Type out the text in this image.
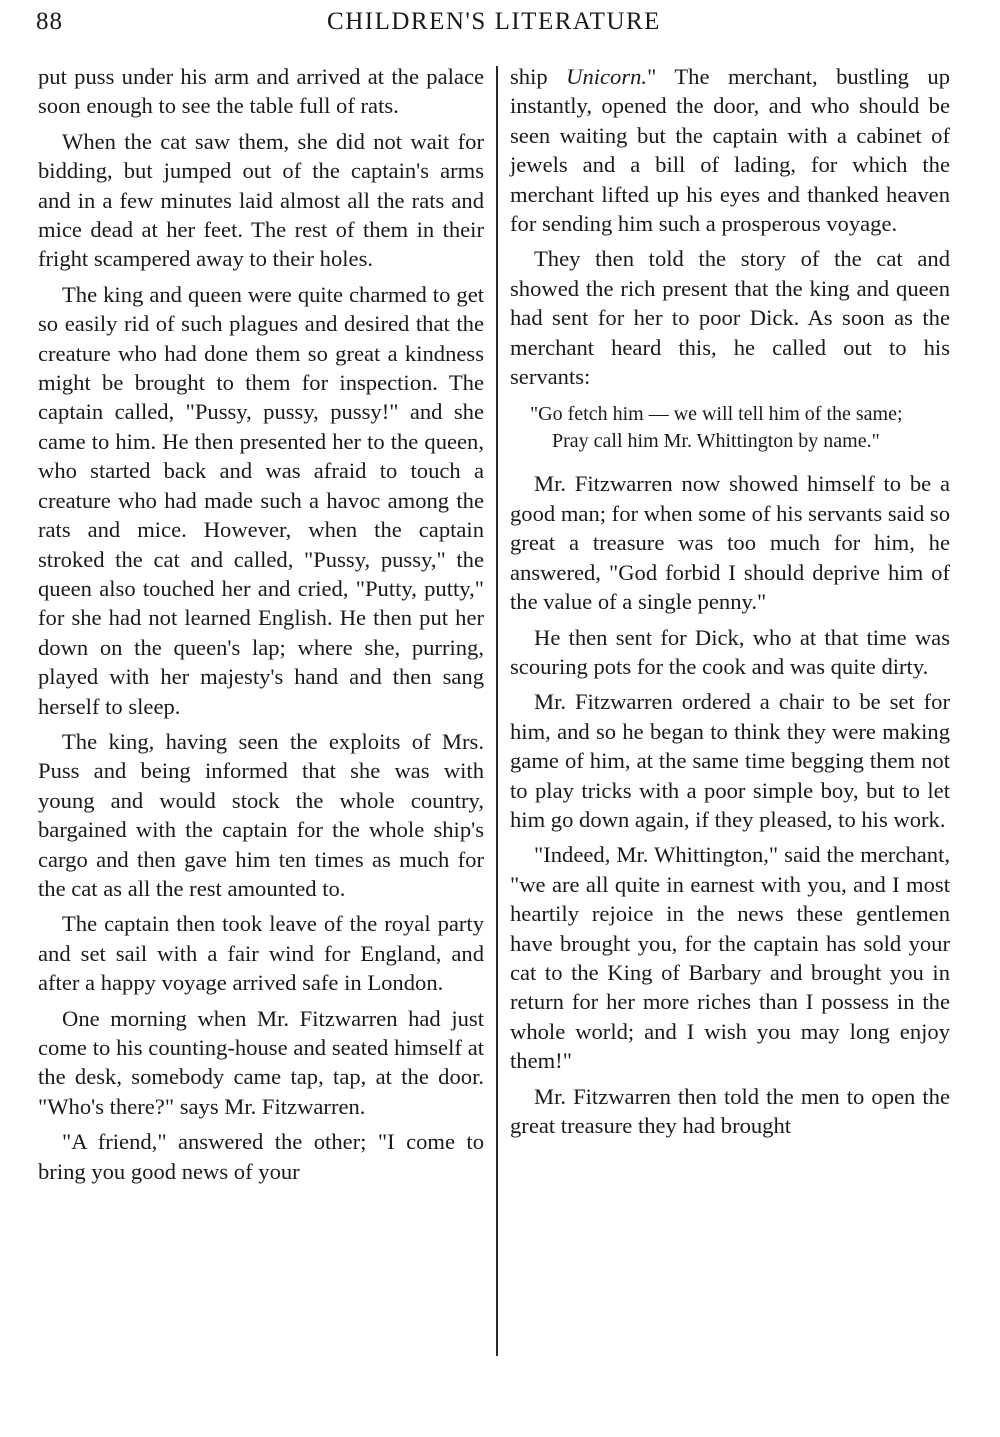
88	CHILDREN'S LITERATURE

put puss under his arm and arrived at the palace soon enough to see the table full of rats.

When the cat saw them, she did not wait for bidding, but jumped out of the captain's arms and in a few minutes laid almost all the rats and mice dead at her feet. The rest of them in their fright scampered away to their holes.

The king and queen were quite charmed to get so easily rid of such plagues and desired that the creature who had done them so great a kindness might be brought to them for inspection. The captain called, "Pussy, pussy, pussy!" and she came to him. He then presented her to the queen, who started back and was afraid to touch a creature who had made such a havoc among the rats and mice. However, when the captain stroked the cat and called, "Pussy, pussy," the queen also touched her and cried, "Putty, putty," for she had not learned English. He then put her down on the queen's lap; where she, purring, played with her majesty's hand and then sang herself to sleep.

The king, having seen the exploits of Mrs. Puss and being informed that she was with young and would stock the whole country, bargained with the captain for the whole ship's cargo and then gave him ten times as much for the cat as all the rest amounted to.

The captain then took leave of the royal party and set sail with a fair wind for England, and after a happy voyage arrived safe in London.

One morning when Mr. Fitzwarren had just come to his counting-house and seated himself at the desk, somebody came tap, tap, at the door. "Who's there?" says Mr. Fitzwarren.

"A friend," answered the other; "I come to bring you good news of your

ship Unicorn." The merchant, bustling up instantly, opened the door, and who should be seen waiting but the captain with a cabinet of jewels and a bill of lading, for which the merchant lifted up his eyes and thanked heaven for sending him such a prosperous voyage.

They then told the story of the cat and showed the rich present that the king and queen had sent for her to poor Dick. As soon as the merchant heard this, he called out to his servants:

"Go fetch him — we will tell him of the same;
Pray call him Mr. Whittington by name."

Mr. Fitzwarren now showed himself to be a good man; for when some of his servants said so great a treasure was too much for him, he answered, "God forbid I should deprive him of the value of a single penny."

He then sent for Dick, who at that time was scouring pots for the cook and was quite dirty.

Mr. Fitzwarren ordered a chair to be set for him, and so he began to think they were making game of him, at the same time begging them not to play tricks with a poor simple boy, but to let him go down again, if they pleased, to his work.

"Indeed, Mr. Whittington," said the merchant, "we are all quite in earnest with you, and I most heartily rejoice in the news these gentlemen have brought you, for the captain has sold your cat to the King of Barbary and brought you in return for her more riches than I possess in the whole world; and I wish you may long enjoy them!"

Mr. Fitzwarren then told the men to open the great treasure they had brought
